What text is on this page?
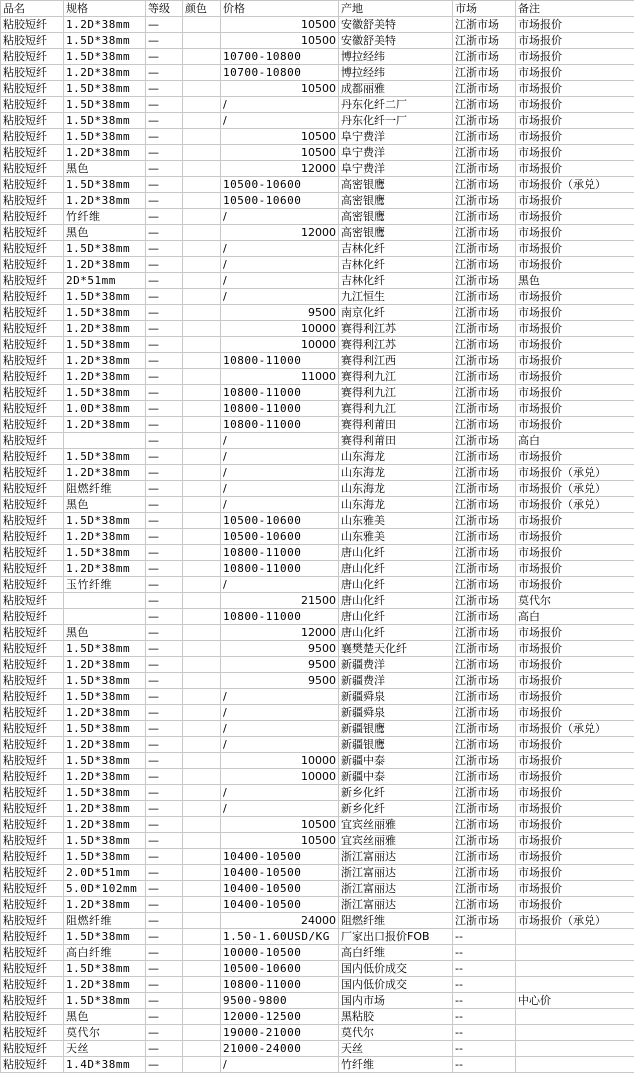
品名	规格	等级	颜色	价格	产地	市场	备注
粘胶短纤	1.2D*38mm	—		10500	安徽舒美特	江浙市场	市场报价
粘胶短纤	1.5D*38mm	—		10500	安徽舒美特	江浙市场	市场报价
粘胶短纤	1.5D*38mm	—		10700-10800	博拉经纬	江浙市场	市场报价
粘胶短纤	1.2D*38mm	—		10700-10800	博拉经纬	江浙市场	市场报价
粘胶短纤	1.5D*38mm	—		10500	成都丽雅	江浙市场	市场报价
粘胶短纤	1.5D*38mm	—		/	丹东化纤二厂	江浙市场	市场报价
粘胶短纤	1.5D*38mm	—		/	丹东化纤一厂	江浙市场	市场报价
粘胶短纤	1.5D*38mm	—		10500	阜宁费洋	江浙市场	市场报价
粘胶短纤	1.2D*38mm	—		10500	阜宁费洋	江浙市场	市场报价
粘胶短纤	黑色	—		12000	阜宁费洋	江浙市场	市场报价
粘胶短纤	1.5D*38mm	—		10500-10600	高密银鹰	江浙市场	市场报价（承兑）
粘胶短纤	1.2D*38mm	—		10500-10600	高密银鹰	江浙市场	市场报价
粘胶短纤	竹纤维	—		/	高密银鹰	江浙市场	市场报价
粘胶短纤	黑色	—		12000	高密银鹰	江浙市场	市场报价
粘胶短纤	1.5D*38mm	—		/	吉林化纤	江浙市场	市场报价
粘胶短纤	1.2D*38mm	—		/	吉林化纤	江浙市场	市场报价
粘胶短纤	2D*51mm	—		/	吉林化纤	江浙市场	黑色
粘胶短纤	1.5D*38mm	—		/	九江恒生	江浙市场	市场报价
粘胶短纤	1.5D*38mm	—		9500	南京化纤	江浙市场	市场报价
粘胶短纤	1.2D*38mm	—		10000	赛得利江苏	江浙市场	市场报价
粘胶短纤	1.5D*38mm	—		10000	赛得利江苏	江浙市场	市场报价
粘胶短纤	1.2D*38mm	—		10800-11000	赛得利江西	江浙市场	市场报价
粘胶短纤	1.2D*38mm	—		11000	赛得利九江	江浙市场	市场报价
粘胶短纤	1.5D*38mm	—		10800-11000	赛得利九江	江浙市场	市场报价
粘胶短纤	1.0D*38mm	—		10800-11000	赛得利九江	江浙市场	市场报价
粘胶短纤	1.2D*38mm	—		10800-11000	赛得利莆田	江浙市场	市场报价
粘胶短纤		—		/	赛得利莆田	江浙市场	高白
粘胶短纤	1.5D*38mm	—		/	山东海龙	江浙市场	市场报价
粘胶短纤	1.2D*38mm	—		/	山东海龙	江浙市场	市场报价（承兑）
粘胶短纤	阻燃纤维	—		/	山东海龙	江浙市场	市场报价（承兑）
粘胶短纤	黑色	—		/	山东海龙	江浙市场	市场报价（承兑）
粘胶短纤	1.5D*38mm	—		10500-10600	山东雅美	江浙市场	市场报价
粘胶短纤	1.2D*38mm	—		10500-10600	山东雅美	江浙市场	市场报价
粘胶短纤	1.5D*38mm	—		10800-11000	唐山化纤	江浙市场	市场报价
粘胶短纤	1.2D*38mm	—		10800-11000	唐山化纤	江浙市场	市场报价
粘胶短纤	玉竹纤维	—		/	唐山化纤	江浙市场	市场报价
粘胶短纤		—		21500	唐山化纤	江浙市场	莫代尔
粘胶短纤		—		10800-11000	唐山化纤	江浙市场	高白
粘胶短纤	黑色	—		12000	唐山化纤	江浙市场	市场报价
粘胶短纤	1.5D*38mm	—		9500	襄樊楚天化纤	江浙市场	市场报价
粘胶短纤	1.2D*38mm	—		9500	新疆费洋	江浙市场	市场报价
粘胶短纤	1.5D*38mm	—		9500	新疆费洋	江浙市场	市场报价
粘胶短纤	1.5D*38mm	—		/	新疆舜泉	江浙市场	市场报价
粘胶短纤	1.2D*38mm	—		/	新疆舜泉	江浙市场	市场报价
粘胶短纤	1.5D*38mm	—		/	新疆银鹰	江浙市场	市场报价（承兑）
粘胶短纤	1.2D*38mm	—		/	新疆银鹰	江浙市场	市场报价
粘胶短纤	1.5D*38mm	—		10000	新疆中泰	江浙市场	市场报价
粘胶短纤	1.2D*38mm	—		10000	新疆中泰	江浙市场	市场报价
粘胶短纤	1.5D*38mm	—		/	新乡化纤	江浙市场	市场报价
粘胶短纤	1.2D*38mm	—		/	新乡化纤	江浙市场	市场报价
粘胶短纤	1.2D*38mm	—		10500	宜宾丝丽雅	江浙市场	市场报价
粘胶短纤	1.5D*38mm	—		10500	宜宾丝丽雅	江浙市场	市场报价
粘胶短纤	1.5D*38mm	—		10400-10500	浙江富丽达	江浙市场	市场报价
粘胶短纤	2.0D*51mm	—		10400-10500	浙江富丽达	江浙市场	市场报价
粘胶短纤	5.0D*102mm	—		10400-10500	浙江富丽达	江浙市场	市场报价
粘胶短纤	1.2D*38mm	—		10400-10500	浙江富丽达	江浙市场	市场报价
粘胶短纤	阻燃纤维	—		24000	阻燃纤维	江浙市场	市场报价（承兑）
粘胶短纤	1.5D*38mm	—		1.50-1.60USD/KG	厂家出口报价FOB	--	
粘胶短纤	高白纤维	—		10000-10500	高白纤维	--	
粘胶短纤	1.5D*38mm	—		10500-10600	国内低价成交	--	
粘胶短纤	1.2D*38mm	—		10800-11000	国内低价成交	--	
粘胶短纤	1.5D*38mm	—		9500-9800	国内市场	--	中心价
粘胶短纤	黑色	—		12000-12500	黑粘胶	--	
粘胶短纤	莫代尔	—		19000-21000	莫代尔	--	
粘胶短纤	天丝	—		21000-24000	天丝	--	
粘胶短纤	1.4D*38mm	—		/	竹纤维	--	
